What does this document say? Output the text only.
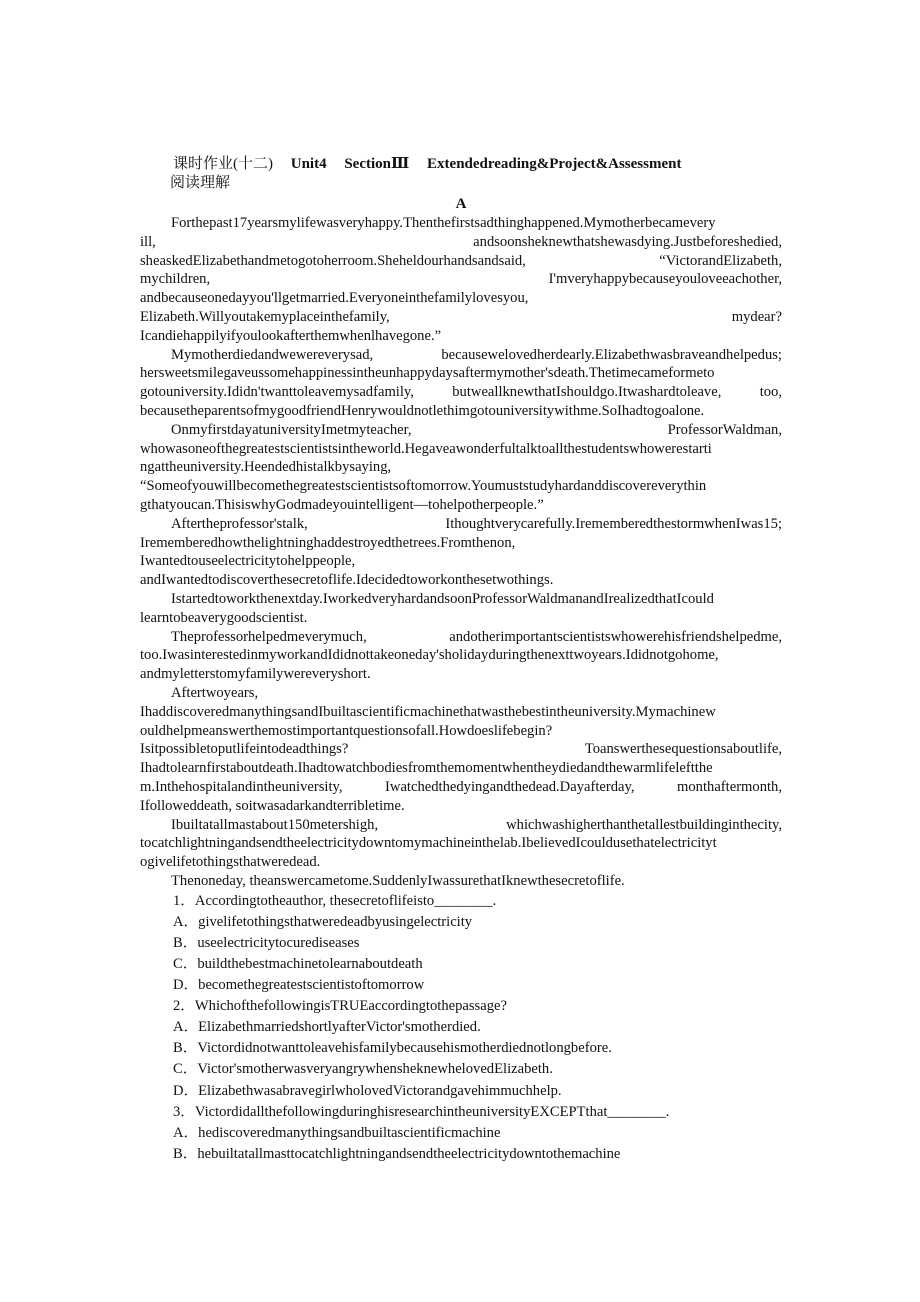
课时作业(十二) Unit4 SectionⅢ Extendedreading&Project&Assessment
阅读理解
A
Forthepast17yearsmylifewasveryhappy.Thenthefirstsadthinghappened.Mymotherbecamevery
ill, andsoonsheknewthatshewasdying.Justbeforeshedied,
sheaskedElizabethandmetogotoherroom.Sheheldourhandsandsaid, “VictorandElizabeth,
mychildren, I'mveryhappybecauseyouloveeachother,
andbecauseonedayyou'llgetmarried.Everyoneinthefamilylovesyou,
Elizabeth.Willyoutakemyplaceinthefamily, mydear?
Icandiehappilyifyoulookafterthemwhenlhavegone.”
Mymotherdiedandwewereverysad, becausewelovedherdearly.Elizabethwasbraveandhelpedus;
hersweetsmilegaveussomehappinessintheunhappydaysaftermymother'sdeath.Thetimecameformeto
gotouniversity.Ididn'twanttoleavemysadfamily, butweallknewthatIshouldgo.Itwashardtoleave, too,
becausetheparentsofmygoodfriendHenrywouldnotlethimgotouniversitywithme.SoIhadtogoalone.
OnmyfirstdayatuniversityImetmyteacher, ProfessorWaldman,
whowasoneofthegreatestscientistsintheworld.Hegaveawonderfultalktoallthestudentswhowerestarti
ngattheuniversity.Heendedhistalkbysaying,
“Someofyouwillbecomethegreatestscientistsoftomorrow.Youmuststudyhardanddiscovereverythin
gthatyoucan.ThisiswhyGodmadeyouintelligent—tohelpotherpeople.”
Aftertheprofessor'stalk, Ithoughtverycarefully.IrememberedthestormwhenIwas15;
Irememberedhowthelightninghaddestroyedthetrees.Fromthenon,
Iwantedtouseelectricitytohelppeople,
andIwantedtodiscoverthesecretoflife.Idecidedtoworkonthesetwothings.
Istartedtoworkthenextday.IworkedveryhardandsoonProfessorWaldmanandIrealizedthatIcould
learntobeaverygoodscientist.
Theprofessorhelpedmeverymuch, andotherimportantscientistswhowerehisfriendshelpedme,
too.IwasinterestedinmyworkandIdidnottakeoneday'sholidayduringthenexttwoyears.Ididnotgohome,
andmyletterstomyfamilywereveryshort.
Aftertwoyears,
IhaddiscoveredmanythingsandIbuiltascientificmachinethatwasthebestintheuniversity.Mymachinew
ouldhelpmeanswerthemostimportantquestionsofall.Howdoeslifebegin?
Isitpossibletoputlifeintodeadthings? Toanswerthesequestionsaboutlife,
Ihadtolearnfirstaboutdeath.Ihadtowatchbodiesfromthemomentwhentheydiedandthewarmlifeleftthe
m.Inthehospitalandintheuniversity, Iwatchedthedyingandthedead.Dayafterday, monthaftermonth,
Ifolloweddeath, soitwasadarkandterribletime.
Ibuiltatallmastabout150metershigh, whichwashigherthanthetallestbuildinginthecity,
tocatchlightningandsendtheelectricitydowntomymachineinthelab.IbelievedIcouldusethatelectricityt
ogivelifetothingsthatweredead.
Thenoneday, theanswercametome.SuddenlyIwassurethatIknewthesecretoflife.
1．Accordingtotheauthor, thesecretoflifeisto________.
A．givelifetothingsthatweredeadbyusingelectricity
B．useelectricitytocurediseases
C．buildthebestmachinetolearnaboutdeath
D．becomethegreatestscientistoftomorrow
2．WhichofthefollowingisTRUEaccordingtothepassage?
A．ElizabethmarriedshortlyafterVictor'smotherdied.
B．Victordidnotwanttoleavehisfamilybecausehismotherdiednotlongbefore.
C．Victor'smotherwasveryangrywhensheknewhelovedElizabeth.
D．ElizabethwasabravegirlwholovedVictorandgavehimmuchhelp.
3．VictordidallthefollowingduringhisresearchintheuniversityEXCEPTthat________.
A．hediscoveredmanythingsandbuiltascientificmachine
B．hebuiltatallmasttocatchlightningandsendtheelectricitydowntothemachine
